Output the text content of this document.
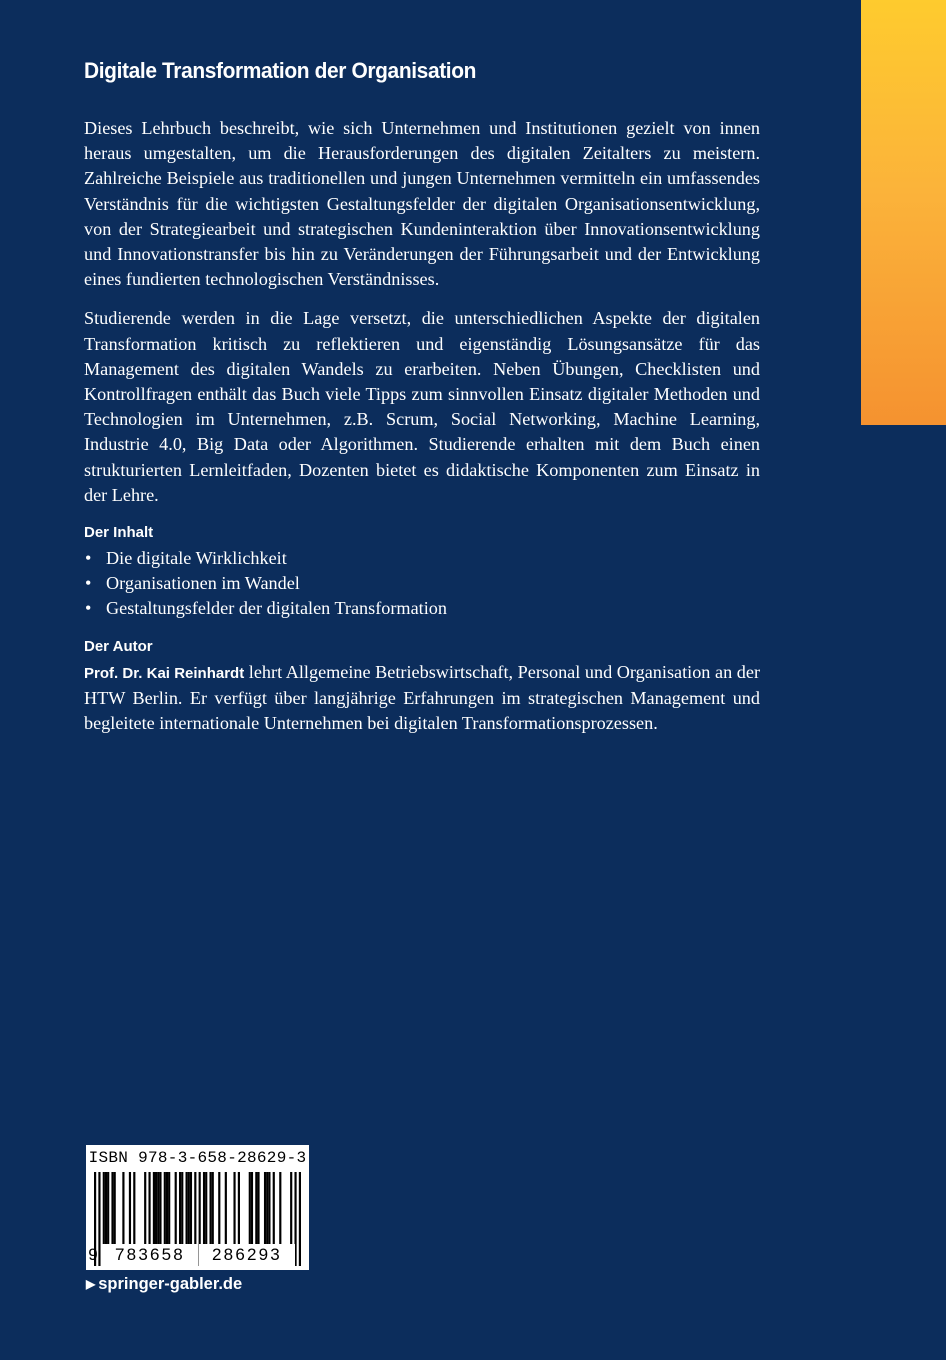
Digitale Transformation der Organisation

Dieses Lehrbuch beschreibt, wie sich Unternehmen und Institutionen gezielt von innen heraus umgestalten, um die Herausforderungen des digitalen Zeitalters zu meistern. Zahlreiche Beispiele aus traditionellen und jungen Unternehmen vermitteln ein umfassendes Verständnis für die wichtigsten Gestaltungsfelder der digitalen Organisationsentwicklung, von der Strategiearbeit und strategischen Kundeninteraktion über Innovationsentwicklung und Innovationstransfer bis hin zu Veränderungen der Führungsarbeit und der Entwicklung eines fundierten technologischen Verständnisses.

Studierende werden in die Lage versetzt, die unterschiedlichen Aspekte der digitalen Transformation kritisch zu reflektieren und eigenständig Lösungsansätze für das Management des digitalen Wandels zu erarbeiten. Neben Übungen, Checklisten und Kontrollfragen enthält das Buch viele Tipps zum sinnvollen Einsatz digitaler Methoden und Technologien im Unternehmen, z.B. Scrum, Social Networking, Machine Learning, Industrie 4.0, Big Data oder Algorithmen. Studierende erhalten mit dem Buch einen strukturierten Lernleitfaden, Dozenten bietet es didaktische Komponenten zum Einsatz in der Lehre.

Der Inhalt
• Die digitale Wirklichkeit
• Organisationen im Wandel
• Gestaltungsfelder der digitalen Transformation
Der Autor

Prof. Dr. Kai Reinhardt lehrt Allgemeine Betriebswirtschaft, Personal und Organisation an der HTW Berlin. Er verfügt über langjährige Erfahrungen im strategischen Management und begleitete internationale Unternehmen bei digitalen Transformationsprozessen.

ISBN 978-3-658-28629-3
9	783658	286293
▶ springer-gabler.de
